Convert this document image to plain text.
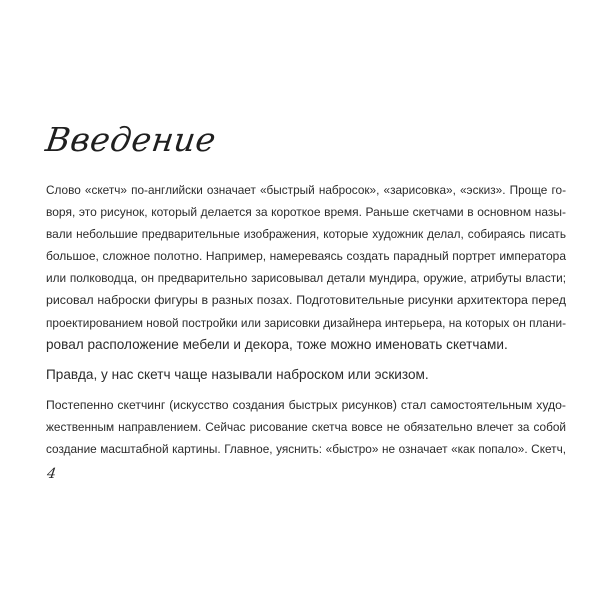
Введение

Слово «скетч» по-английски означает «быстрый набросок», «зарисовка», «эскиз». Проще го-
воря, это рисунок, который делается за короткое время. Раньше скетчами в основном назы-
вали небольшие предварительные изображения, которые художник делал, собираясь писать
большое, сложное полотно. Например, намереваясь создать парадный портрет императора
или полководца, он предварительно зарисовывал детали мундира, оружие, атрибуты власти;
рисовал наброски фигуры в разных позах. Подготовительные рисунки архитектора перед
проектированием новой постройки или зарисовки дизайнера интерьера, на которых он плани-
ровал расположение мебели и декора, тоже можно именовать скетчами.

Правда, у нас скетч чаще называли наброском или эскизом.

Постепенно скетчинг (искусство создания быстрых рисунков) стал самостоятельным худо-
жественным направлением. Сейчас рисование скетча вовсе не обязательно влечет за собой
создание масштабной картины. Главное, уяснить: «быстро» не означает «как попало». Скетч,

4
